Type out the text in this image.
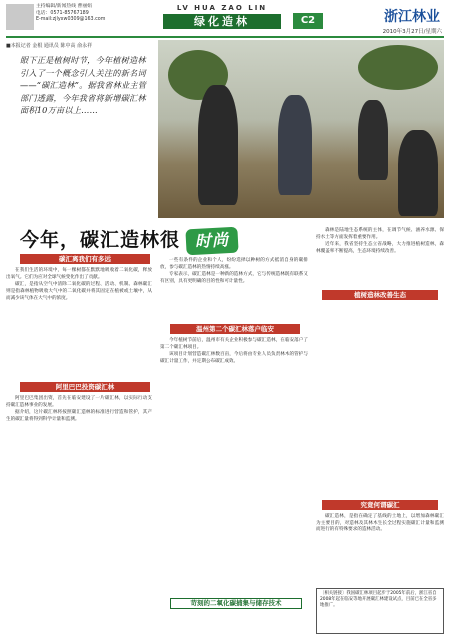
主持编辑/新闻热线 曹丽娟
电话：0571-85767189
E-mail:zjlyxw0309@163.com
LV HUA ZAO LIN
绿化造林	C2	浙江林业
2010年3月27日/星期六
■本报记者 金根 通讯员 陈中高 俞永祥
眼下正是植树时节，今年植树造林引入了一个概念引人关注的新名词——“碳汇造林”。据我省林业主管部门透露，今年我省将新增碳汇林面积10万亩以上……
今年，碳汇造林很 时尚
碳汇离我们有多远

在我们生活的环境中，每一棵树都在默默地吸收着二氧化碳，释放出氧气。它们为应对全球气候变化作出了贡献。

碳汇，是指从空气中清除二氧化碳的过程、活动、机制。森林碳汇则是指森林植物吸收大气中的二氧化碳并将其固定在植被或土壤中，从而减少该气体在大气中的浓度。

阿里巴巴投资碳汇林

阿里巴巴集团出资，首先在临安建设了一片碳汇林，以实际行动支持碳汇造林事业的发展。

据介绍，这片碳汇林将按照碳汇造林的标准进行营造和管护，其产生的碳汇量将得到科学计量和监测。

一些有条件的企业和个人，纷纷选择以种树的方式抵消自身的碳排放，参与碳汇造林的热情持续高涨。

专家表示，碳汇造林是一种新的造林方式，它与传统造林既有联系又有区别，具有更明确的目的性和可计量性。

温州第二个碳汇林落户临安

今年植树节前后，温州市有关企业积极参与碳汇造林，在临安落户了第二个碳汇林项目。

该项目计划营造碳汇林数百亩，今后将由专业人员负责林木的管护与碳汇计量工作，并定期公布碳汇成效。

苛刻的二氧化碳捕集与储存技术

森林是陆地生态系统的主体，在调节气候、涵养水源、保持水土等方面发挥着重要作用。

近年来，我省坚持生态立省战略，大力推进植树造林，森林覆盖率不断提高，生态环境持续改善。

植树造林改善生态
究竟何谓碳汇

碳汇造林，是指在确定了基线的土地上，以增加森林碳汇为主要目的，对造林及其林木生长全过程实施碳汇计量和监测而进行的有特殊要求的造林活动。

〔相关链接〕我国碳汇林项目起步于2005年前后，浙江省自2008年起在临安等地开展碳汇林建设试点，目前已在全省多地推广。
